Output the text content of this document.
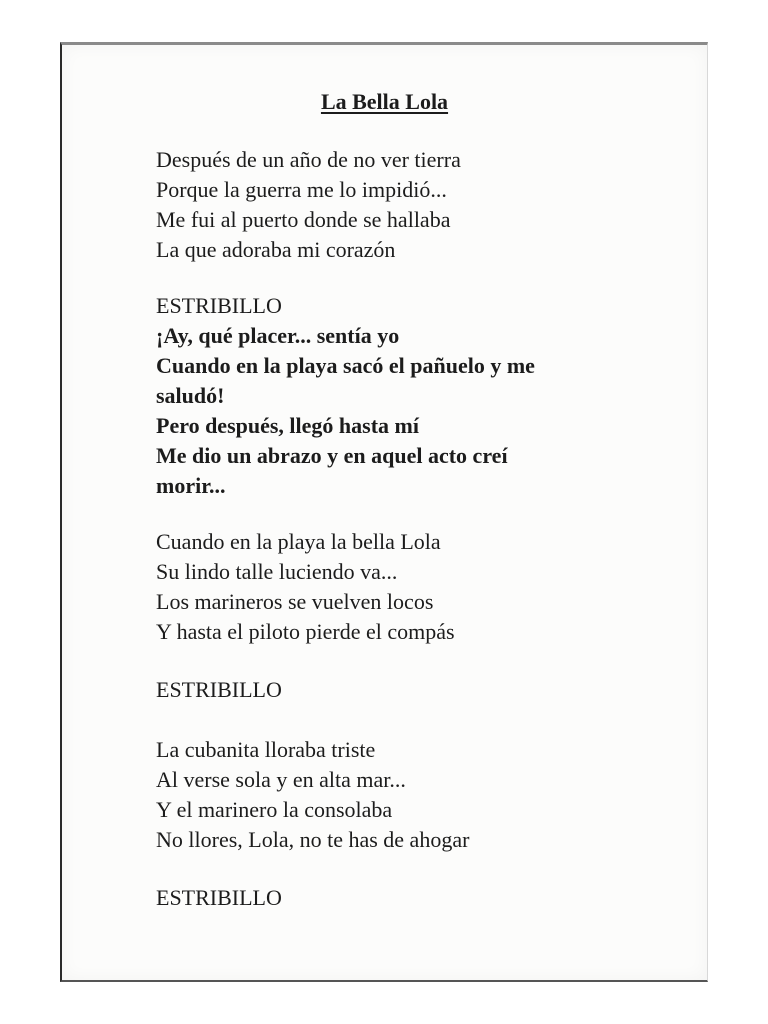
La Bella Lola
Después de un año de no ver tierra
Porque la guerra me lo impidió...
Me fui al puerto donde se hallaba
La que adoraba mi corazón
ESTRIBILLO
¡Ay, qué placer... sentía yo
Cuando en la playa sacó el pañuelo y me
saludó!
Pero después, llegó hasta mí
Me dio un abrazo y en aquel acto creí
morir...
Cuando en la playa la bella Lola
Su lindo talle luciendo va...
Los marineros se vuelven locos
Y hasta el piloto pierde el compás
ESTRIBILLO
La cubanita lloraba triste
Al verse sola y en alta mar...
Y el marinero la consolaba
No llores, Lola, no te has de ahogar
ESTRIBILLO
